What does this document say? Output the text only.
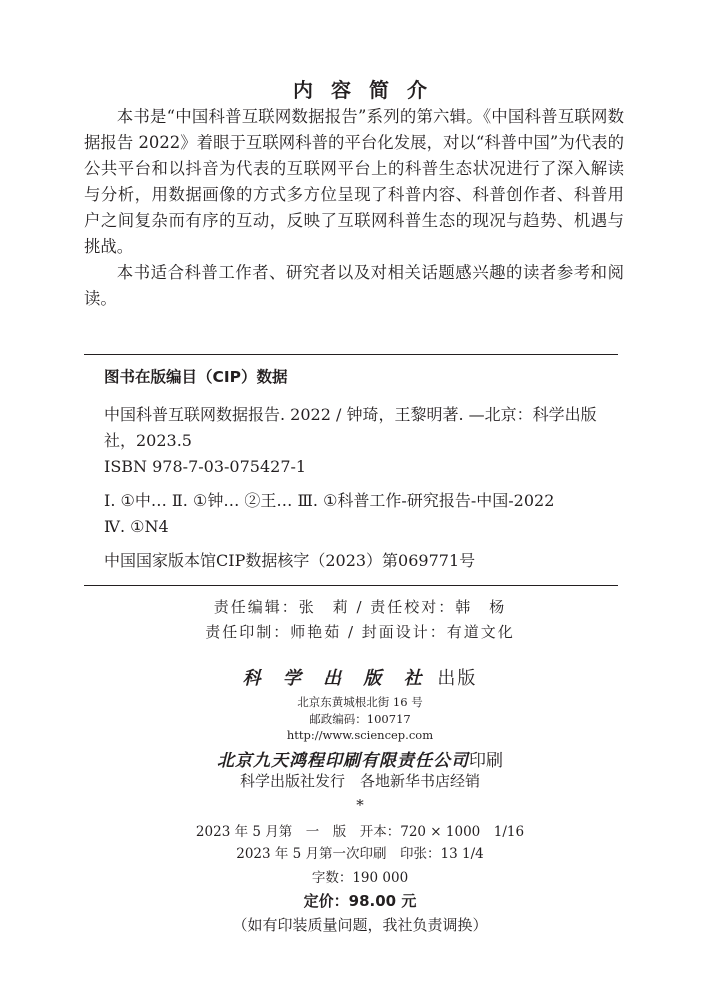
内容简介

本书是“中国科普互联网数据报告”系列的第六辑。《中国科普互联网数据报告 2022》着眼于互联网科普的平台化发展，对以“科普中国”为代表的公共平台和以抖音为代表的互联网平台上的科普生态状况进行了深入解读与分析，用数据画像的方式多方位呈现了科普内容、科普创作者、科普用户之间复杂而有序的互动，反映了互联网科普生态的现况与趋势、机遇与挑战。

本书适合科普工作者、研究者以及对相关话题感兴趣的读者参考和阅读。

图书在版编目（CIP）数据

中国科普互联网数据报告. 2022 / 钟琦，王黎明著. —北京：科学出版社，2023.5

ISBN 978-7-03-075427-1

Ⅰ. ①中… Ⅱ. ①钟… ②王… Ⅲ. ①科普工作-研究报告-中国-2022

Ⅳ. ①N4

中国国家版本馆CIP数据核字（2023）第069771号

责任编辑：张　莉 / 责任校对：韩　杨
责任印制：师艳茹 / 封面设计：有道文化
科 学 出 版 社 出版
北京东黄城根北街 16 号
邮政编码：100717
http://www.sciencep.com
北京九天鸿程印刷有限责任公司印刷
科学出版社发行　各地新华书店经销
*
2023 年 5 月第　一　版　开本：720 × 1000　1/16
2023 年 5 月第一次印刷　印张：13 1/4
字数：190 000
定价：98.00 元
（如有印装质量问题，我社负责调换）
